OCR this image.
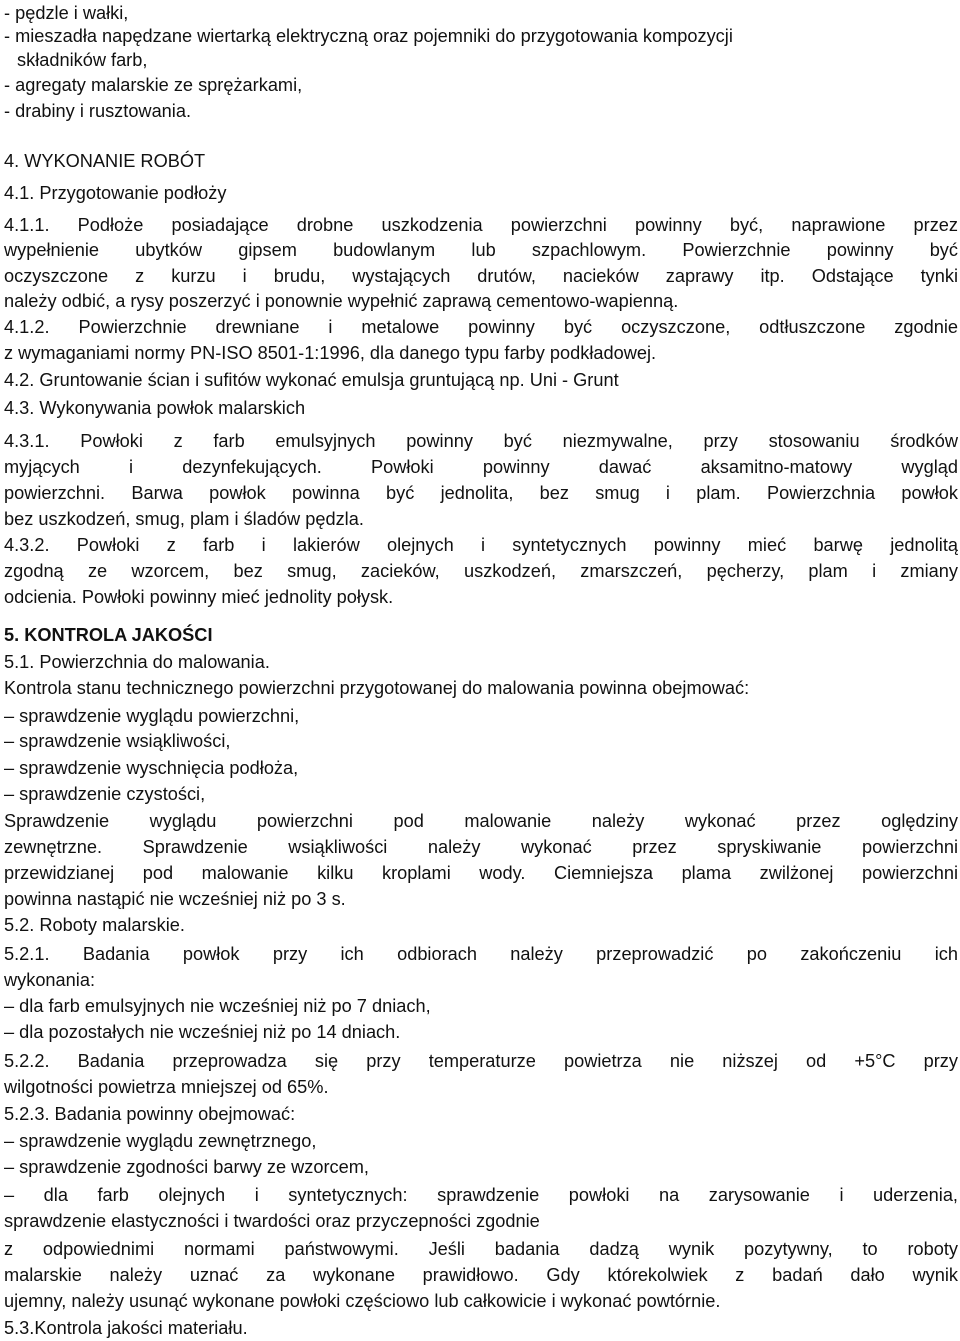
- pędzle i wałki,
- mieszadła napędzane wiertarką elektryczną oraz pojemniki do przygotowania kompozycji
składników farb,
- agregaty malarskie ze sprężarkami,
- drabiny i rusztowania.
4. WYKONANIE ROBÓT
4.1. Przygotowanie podłoży
4.1.1. Podłoże posiadające drobne uszkodzenia powierzchni powinny być, naprawione przez
wypełnienie ubytków gipsem budowlanym lub szpachlowym. Powierzchnie powinny być
oczyszczone z kurzu i brudu, wystających drutów, nacieków zaprawy itp. Odstające tynki
należy odbić, a rysy poszerzyć i ponownie wypełnić zaprawą cementowo-wapienną.
4.1.2. Powierzchnie drewniane i metalowe powinny być oczyszczone, odtłuszczone zgodnie
z wymaganiami normy PN-ISO 8501-1:1996, dla danego typu farby podkładowej.
4.2. Gruntowanie ścian i sufitów wykonać emulsja gruntującą np. Uni - Grunt
4.3. Wykonywania powłok malarskich
4.3.1. Powłoki z farb emulsyjnych powinny być niezmywalne, przy stosowaniu środków
myjących i dezynfekujących. Powłoki powinny dawać aksamitno-matowy wygląd
powierzchni. Barwa powłok powinna być jednolita, bez smug i plam. Powierzchnia powłok
bez uszkodzeń, smug, plam i śladów pędzla.
4.3.2. Powłoki z farb i lakierów olejnych i syntetycznych powinny mieć barwę jednolitą
zgodną ze wzorcem, bez smug, zacieków, uszkodzeń, zmarszczeń, pęcherzy, plam i zmiany
odcienia. Powłoki powinny mieć jednolity połysk.
5. KONTROLA JAKOŚCI
5.1. Powierzchnia do malowania.
Kontrola stanu technicznego powierzchni przygotowanej do malowania powinna obejmować:
– sprawdzenie wyglądu powierzchni,
– sprawdzenie wsiąkliwości,
– sprawdzenie wyschnięcia podłoża,
– sprawdzenie czystości,
Sprawdzenie wyglądu powierzchni pod malowanie należy wykonać przez oględziny
zewnętrzne. Sprawdzenie wsiąkliwości należy wykonać przez spryskiwanie powierzchni
przewidzianej pod malowanie kilku kroplami wody. Ciemniejsza plama zwilżonej powierzchni
powinna nastąpić nie wcześniej niż po 3 s.
5.2. Roboty malarskie.
5.2.1. Badania powłok przy ich odbiorach należy przeprowadzić po zakończeniu ich
wykonania:
– dla farb emulsyjnych nie wcześniej niż po 7 dniach,
– dla pozostałych nie wcześniej niż po 14 dniach.
5.2.2. Badania przeprowadza się przy temperaturze powietrza nie niższej od +5°C przy
wilgotności powietrza mniejszej od 65%.
5.2.3. Badania powinny obejmować:
– sprawdzenie wyglądu zewnętrznego,
– sprawdzenie zgodności barwy ze wzorcem,
– dla farb olejnych i syntetycznych: sprawdzenie powłoki na zarysowanie i uderzenia,
sprawdzenie elastyczności i twardości oraz przyczepności zgodnie
z odpowiednimi normami państwowymi. Jeśli badania dadzą wynik pozytywny, to roboty
malarskie należy uznać za wykonane prawidłowo. Gdy którekolwiek z badań dało wynik
ujemny, należy usunąć wykonane powłoki częściowo lub całkowicie i wykonać powtórnie.
5.3.Kontrola jakości materiału.
